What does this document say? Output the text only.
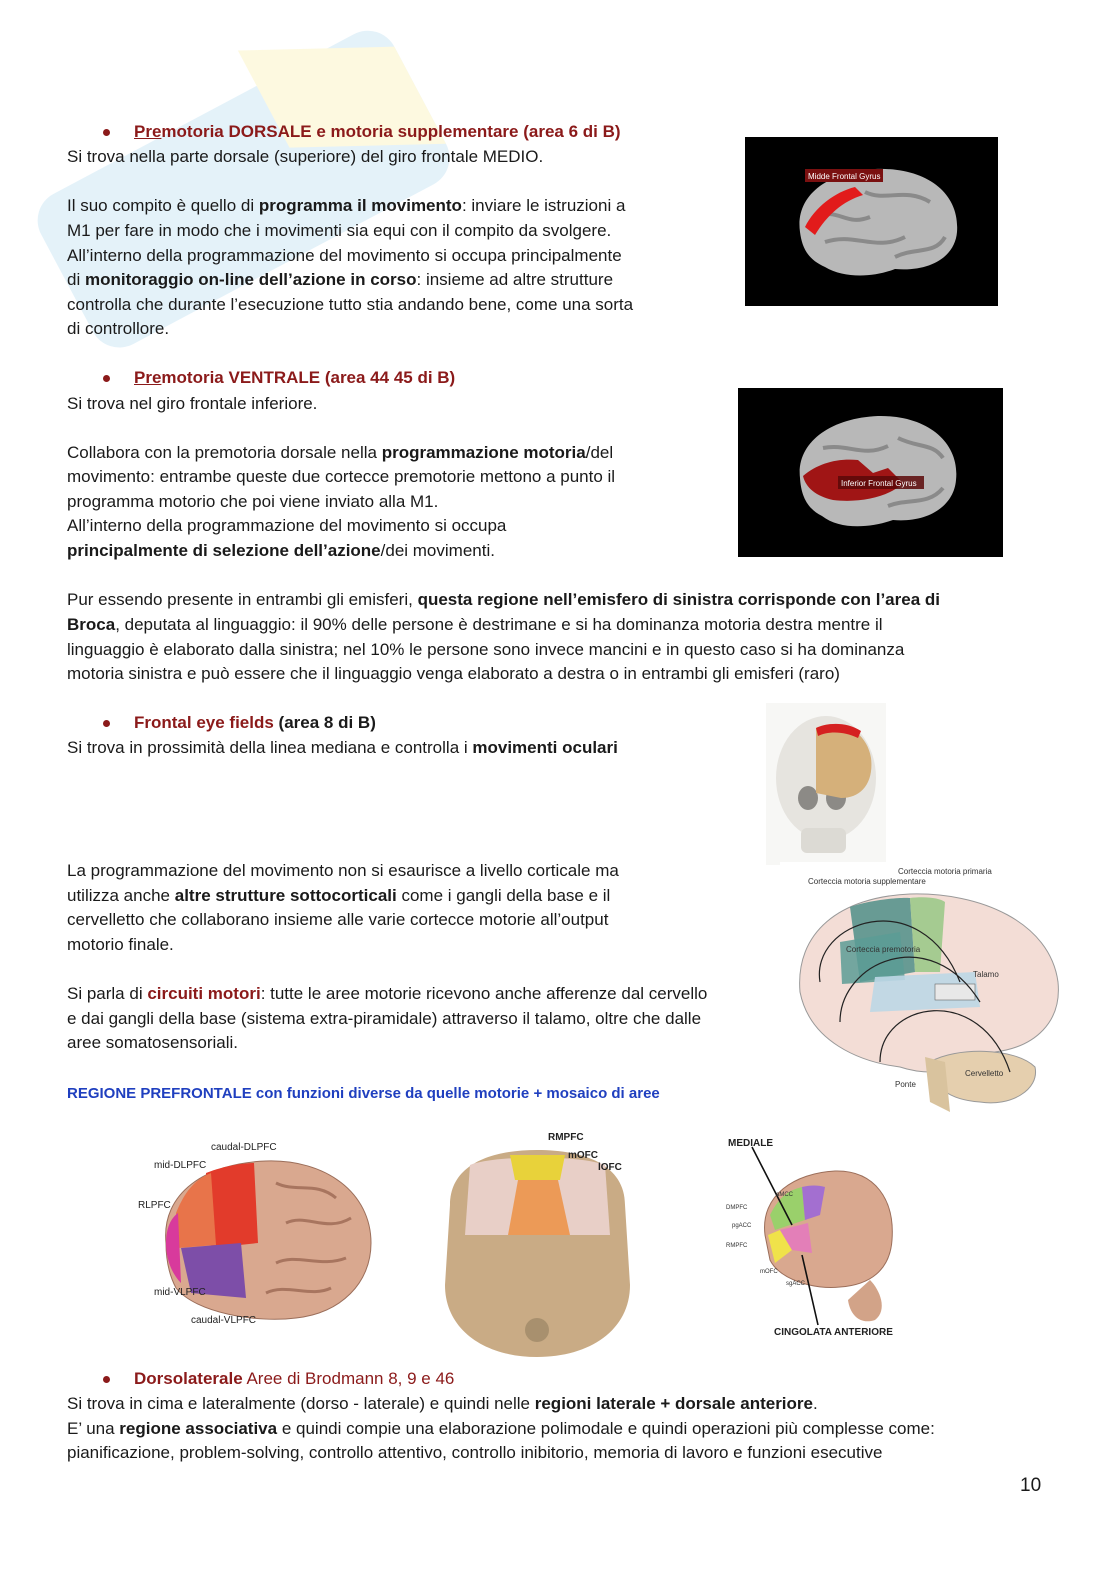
Premotoria DORSALE e motoria supplementare (area 6 di B)
Si trova nella parte dorsale (superiore) del giro frontale MEDIO.
Il suo compito è quello di programma il movimento: inviare le istruzioni a
M1 per fare in modo che i movimenti sia equi con il compito da svolgere.
All’interno della programmazione del movimento si occupa principalmente
di monitoraggio on-line dell’azione in corso: insieme ad altre strutture
controlla che durante l’esecuzione tutto stia andando bene, come una sorta
di controllore.
Midde Frontal Gyrus
Premotoria VENTRALE (area 44 45 di B)
Si trova nel giro frontale inferiore.
Collabora con la premotoria dorsale nella programmazione motoria/del
movimento: entrambe queste due cortecce premotorie mettono a punto il
programma motorio che poi viene inviato alla M1.
All’interno della programmazione del movimento si occupa
principalmente di selezione dell’azione/dei movimenti.
Inferior Frontal Gyrus
Pur essendo presente in entrambi gli emisferi, questa regione nell’emisfero di sinistra corrisponde con l’area di
Broca, deputata al linguaggio: il 90% delle persone è destrimane e si ha dominanza motoria destra mentre il
linguaggio è elaborato dalla sinistra; nel 10% le persone sono invece mancini e in questo caso si ha dominanza
motoria sinistra e può essere che il linguaggio venga elaborato a destra o in entrambi gli emisferi (raro)
Frontal eye fields (area 8 di B)
Si trova in prossimità della linea mediana e controlla i movimenti oculari
La programmazione del movimento non si esaurisce a livello corticale ma
utilizza anche altre strutture sottocorticali come i gangli della base e il
cervelletto che collaborano insieme alle varie cortecce motorie all’output
motorio finale.
Si parla di circuiti motori: tutte le aree motorie ricevono anche afferenze dal cervello
e dai gangli della base (sistema extra-piramidale) attraverso il talamo, oltre che dalle
aree somatosensoriali.
Corteccia motoria supplementare
Corteccia motoria primaria
Corteccia premotoria
Talamo
Ponte
Cervelletto
REGIONE PREFRONTALE con funzioni diverse da quelle motorie + mosaico di aree
caudal-DLPFC
mid-DLPFC
RLPFC
mid-VLPFC
caudal-VLPFC
RMPFC
mOFC
lOFC
MEDIALE
aMCC
DMPFC
pgACC
RMPFC
mOFC
sgACC
CINGOLATA ANTERIORE
Dorsolaterale Aree di Brodmann 8, 9 e 46
Si trova in cima e lateralmente (dorso - laterale) e quindi nelle regioni laterale + dorsale anteriore.
E’ una regione associativa e quindi compie una elaborazione polimodale e quindi operazioni più complesse come:
pianificazione, problem-solving, controllo attentivo, controllo inibitorio, memoria di lavoro e funzioni esecutive
10
